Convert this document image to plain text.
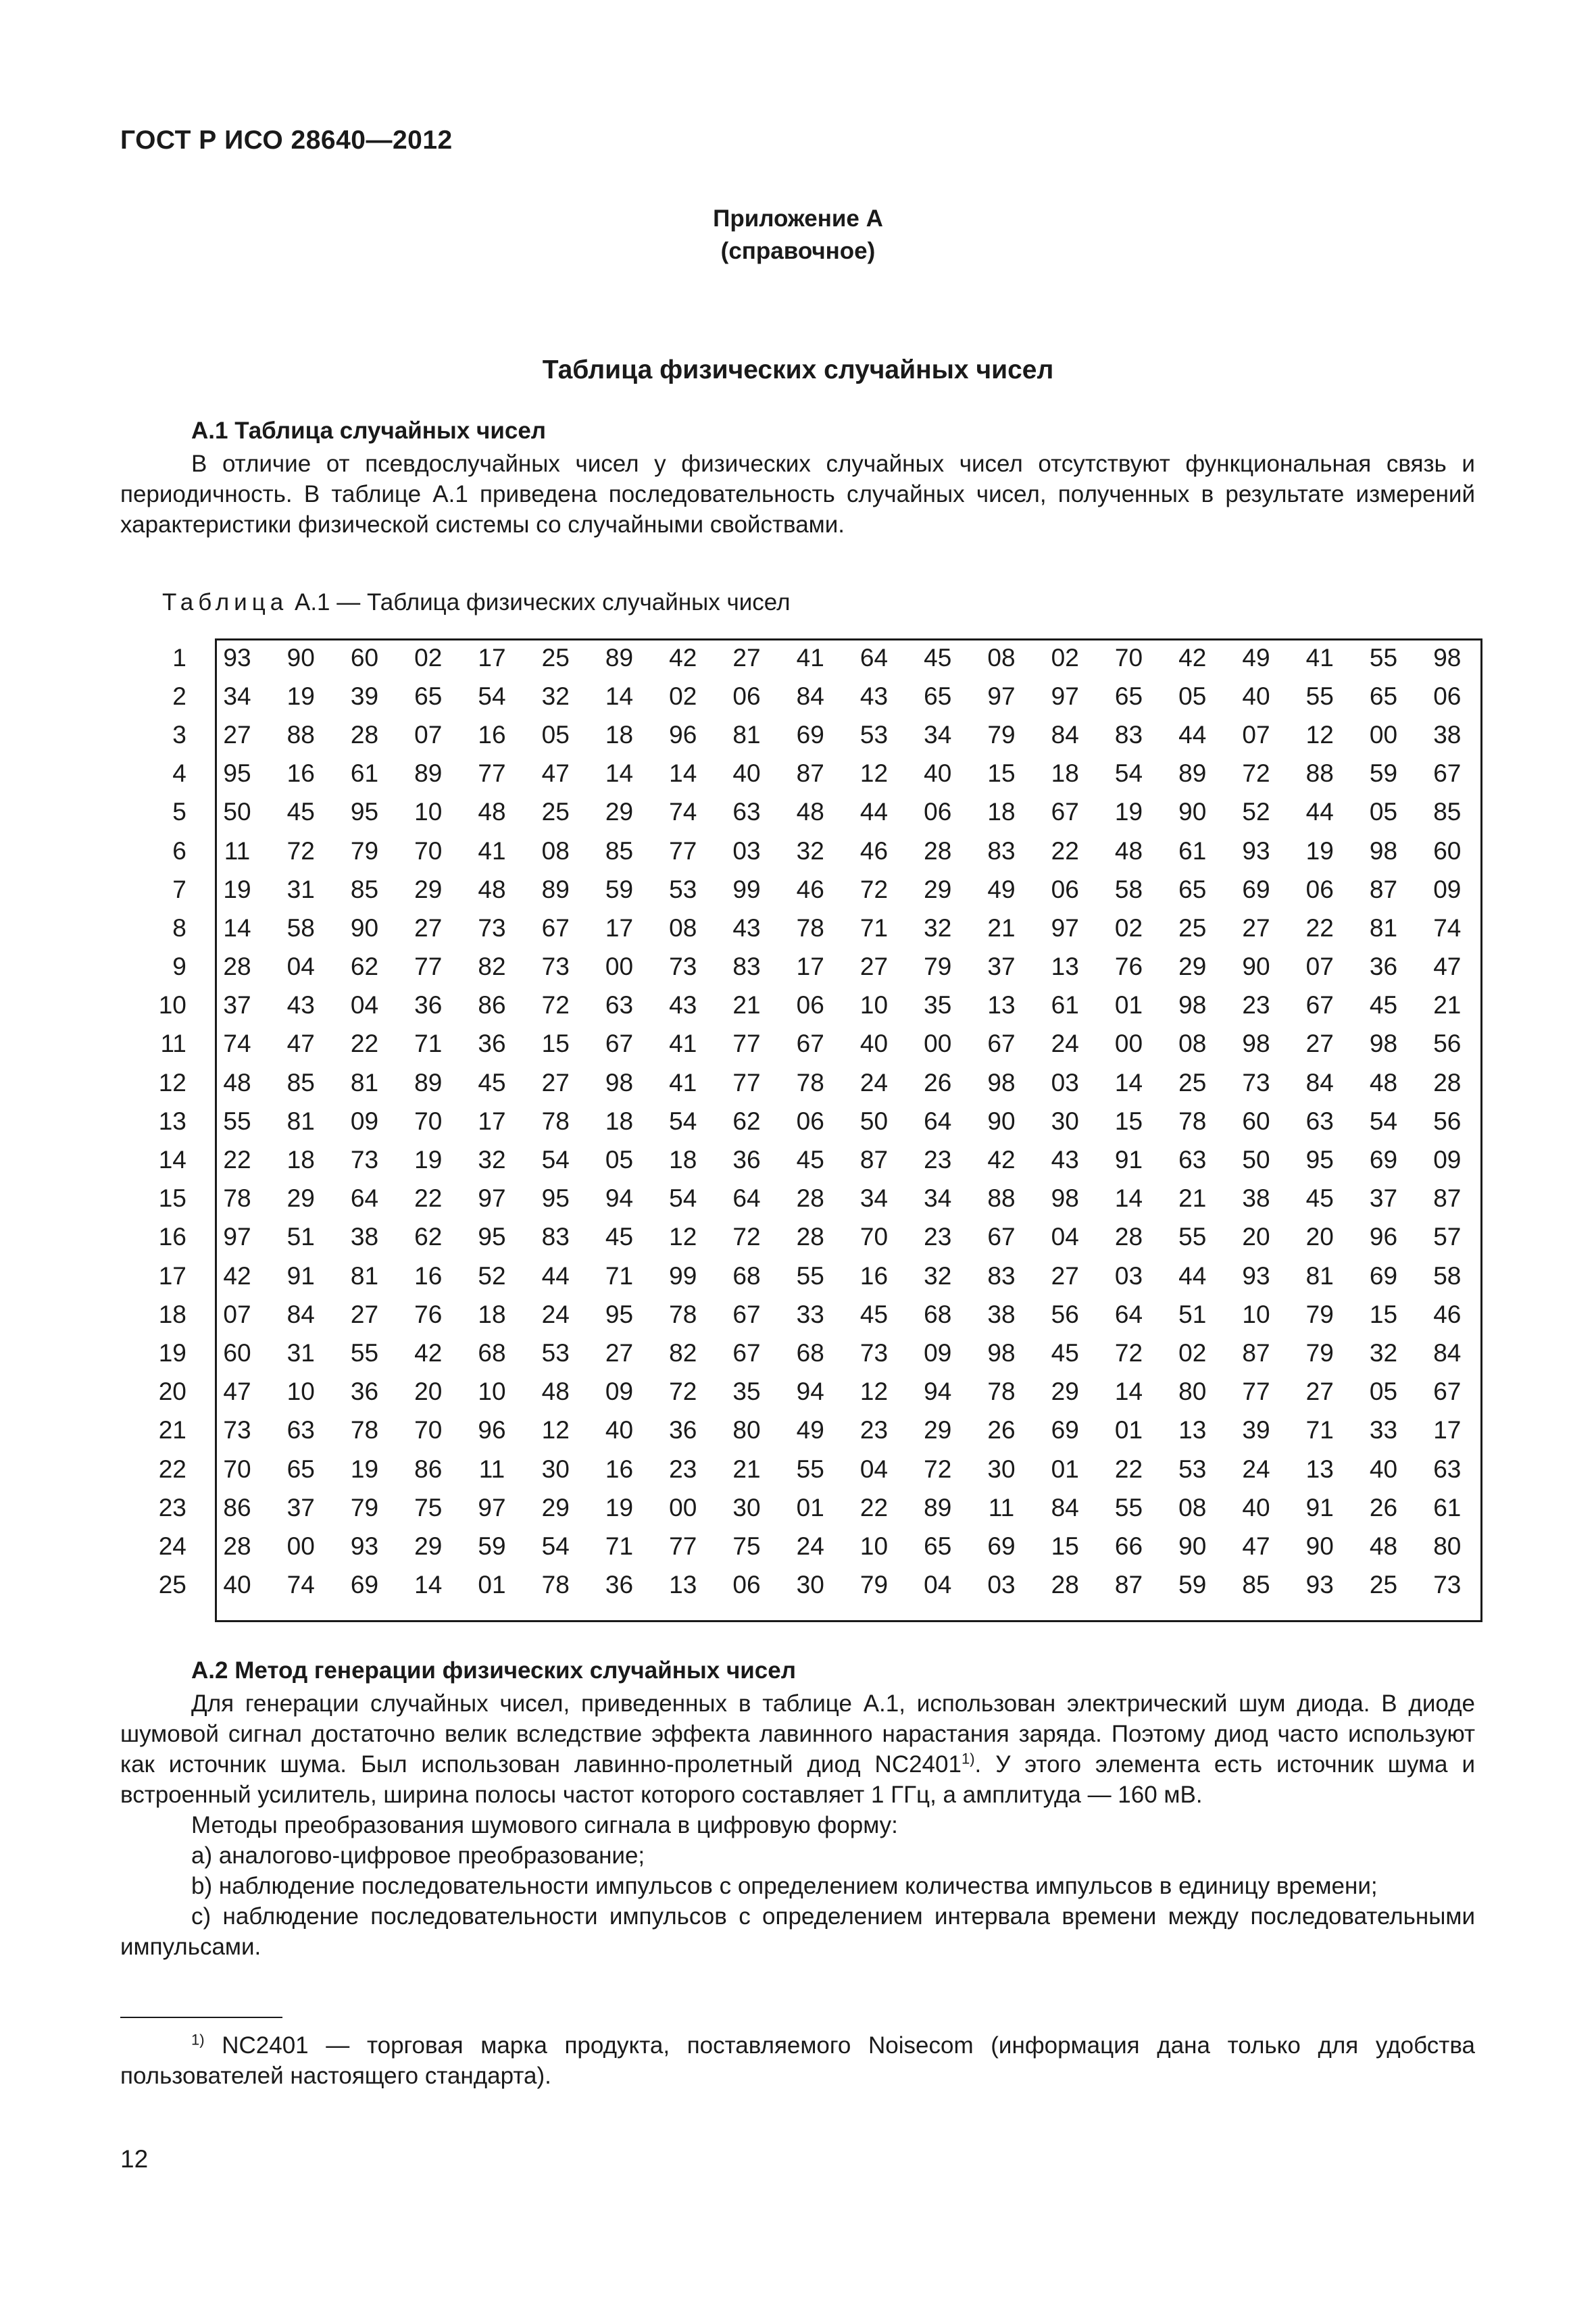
ГОСТ Р ИСО 28640—2012
Приложение А
(справочное)
Таблица физических случайных чисел
А.1 Таблица случайных чисел

В отличие от псевдослучайных чисел у физических случайных чисел отсутствуют функциональная связь и периодичность. В таблице А.1 приведена последовательность случайных чисел, полученных в результате измерений характеристики физической системы со случайными свойствами.

Таблица А.1 — Таблица физических случайных чисел
1	93	90	60	02	17	25	89	42	27	41	64	45	08	02	70	42	49	41	55	98
2	34	19	39	65	54	32	14	02	06	84	43	65	97	97	65	05	40	55	65	06
3	27	88	28	07	16	05	18	96	81	69	53	34	79	84	83	44	07	12	00	38
4	95	16	61	89	77	47	14	14	40	87	12	40	15	18	54	89	72	88	59	67
5	50	45	95	10	48	25	29	74	63	48	44	06	18	67	19	90	52	44	05	85
6	11	72	79	70	41	08	85	77	03	32	46	28	83	22	48	61	93	19	98	60
7	19	31	85	29	48	89	59	53	99	46	72	29	49	06	58	65	69	06	87	09
8	14	58	90	27	73	67	17	08	43	78	71	32	21	97	02	25	27	22	81	74
9	28	04	62	77	82	73	00	73	83	17	27	79	37	13	76	29	90	07	36	47
10	37	43	04	36	86	72	63	43	21	06	10	35	13	61	01	98	23	67	45	21
11	74	47	22	71	36	15	67	41	77	67	40	00	67	24	00	08	98	27	98	56
12	48	85	81	89	45	27	98	41	77	78	24	26	98	03	14	25	73	84	48	28
13	55	81	09	70	17	78	18	54	62	06	50	64	90	30	15	78	60	63	54	56
14	22	18	73	19	32	54	05	18	36	45	87	23	42	43	91	63	50	95	69	09
15	78	29	64	22	97	95	94	54	64	28	34	34	88	98	14	21	38	45	37	87
16	97	51	38	62	95	83	45	12	72	28	70	23	67	04	28	55	20	20	96	57
17	42	91	81	16	52	44	71	99	68	55	16	32	83	27	03	44	93	81	69	58
18	07	84	27	76	18	24	95	78	67	33	45	68	38	56	64	51	10	79	15	46
19	60	31	55	42	68	53	27	82	67	68	73	09	98	45	72	02	87	79	32	84
20	47	10	36	20	10	48	09	72	35	94	12	94	78	29	14	80	77	27	05	67
21	73	63	78	70	96	12	40	36	80	49	23	29	26	69	01	13	39	71	33	17
22	70	65	19	86	11	30	16	23	21	55	04	72	30	01	22	53	24	13	40	63
23	86	37	79	75	97	29	19	00	30	01	22	89	11	84	55	08	40	91	26	61
24	28	00	93	29	59	54	71	77	75	24	10	65	69	15	66	90	47	90	48	80
25	40	74	69	14	01	78	36	13	06	30	79	04	03	28	87	59	85	93	25	73
А.2 Метод генерации физических случайных чисел

Для генерации случайных чисел, приведенных в таблице А.1, использован электрический шум диода. В диоде шумовой сигнал достаточно велик вследствие эффекта лавинного нарастания заряда. Поэтому диод часто используют как источник шума. Был использован лавинно-пролетный диод NC2401$^{1)}$. У этого элемента есть источник шума и встроенный усилитель, ширина полосы частот которого составляет 1 ГГц, а амплитуда — 160 мВ.

Методы преобразования шумового сигнала в цифровую форму:

а) аналогово-цифровое преобразование;

b) наблюдение последовательности импульсов с определением количества импульсов в единицу времени;

с) наблюдение последовательности импульсов с определением интервала времени между последовательными импульсами.

$^{1)}$ NC2401 — торговая марка продукта, поставляемого Noisecom (информация дана только для удобства пользователей настоящего стандарта).

12
